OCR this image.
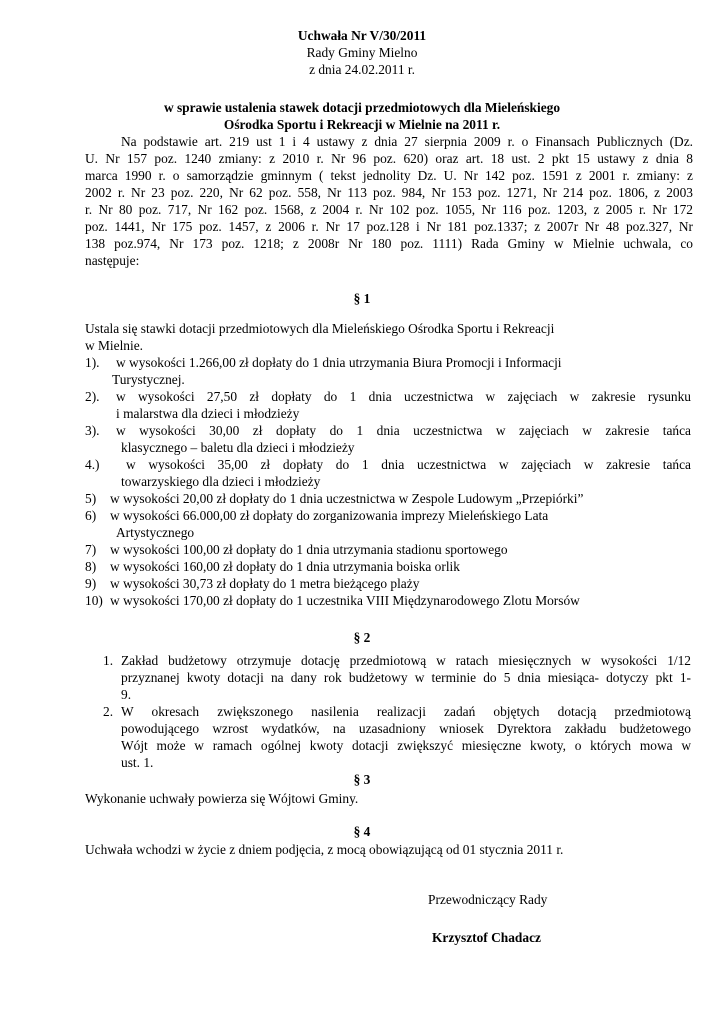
Uchwała Nr V/30/2011
Rady Gminy Mielno
z dnia 24.02.2011 r.
w sprawie ustalenia stawek dotacji przedmiotowych dla Mieleńskiego
Ośrodka Sportu i Rekreacji w Mielnie na 2011 r.
Na podstawie art. 219 ust 1 i 4 ustawy z dnia 27 sierpnia 2009 r. o Finansach Publicznych (Dz.
U. Nr 157 poz. 1240 zmiany: z 2010 r. Nr 96 poz. 620) oraz art. 18 ust. 2 pkt 15 ustawy z dnia 8
marca 1990 r. o samorządzie gminnym ( tekst jednolity Dz. U. Nr 142 poz. 1591 z 2001 r. zmiany: z
2002 r. Nr 23 poz. 220, Nr 62 poz. 558, Nr 113 poz. 984, Nr 153 poz. 1271, Nr 214 poz. 1806, z 2003
r. Nr 80 poz. 717, Nr 162 poz. 1568, z 2004 r. Nr 102 poz. 1055, Nr 116 poz. 1203, z 2005 r. Nr 172
poz. 1441, Nr 175 poz. 1457, z 2006 r. Nr 17 poz.128 i Nr 181 poz.1337; z 2007r Nr 48 poz.327, Nr
138 poz.974, Nr 173 poz. 1218; z 2008r Nr 180 poz. 1111) Rada Gminy w Mielnie uchwala, co
następuje:
§ 1
Ustala się stawki dotacji przedmiotowych dla Mieleńskiego Ośrodka Sportu i Rekreacji
w Mielnie.
1). w wysokości 1.266,00 zł dopłaty do 1 dnia utrzymania Biura Promocji i Informacji
Turystycznej.
2). w wysokości 27,50 zł dopłaty do 1 dnia uczestnictwa w zajęciach w zakresie rysunku
i malarstwa dla dzieci i młodzieży
3). w wysokości 30,00 zł dopłaty do 1 dnia uczestnictwa w zajęciach w zakresie tańca
klasycznego – baletu dla dzieci i młodzieży
4.) w wysokości 35,00 zł dopłaty do 1 dnia uczestnictwa w zajęciach w zakresie tańca
towarzyskiego dla dzieci i młodzieży
5) w wysokości 20,00 zł dopłaty do 1 dnia uczestnictwa w Zespole Ludowym „Przepiórki”
6) w wysokości 66.000,00 zł dopłaty do zorganizowania imprezy Mieleńskiego Lata
Artystycznego
7) w wysokości 100,00 zł dopłaty do 1 dnia utrzymania stadionu sportowego
8) w wysokości 160,00 zł dopłaty do 1 dnia utrzymania boiska orlik
9) w wysokości 30,73 zł dopłaty do 1 metra bieżącego plaży
10) w wysokości 170,00 zł dopłaty do 1 uczestnika VIII Międzynarodowego Zlotu Morsów
§ 2
1. Zakład budżetowy otrzymuje dotację przedmiotową w ratach miesięcznych w wysokości 1/12
przyznanej kwoty dotacji na dany rok budżetowy w terminie do 5 dnia miesiąca- dotyczy pkt 1-
9.
2. W okresach zwiększonego nasilenia realizacji zadań objętych dotacją przedmiotową
powodującego wzrost wydatków, na uzasadniony wniosek Dyrektora zakładu budżetowego
Wójt może w ramach ogólnej kwoty dotacji zwiększyć miesięczne kwoty, o których mowa w
ust. 1.
§ 3
Wykonanie uchwały powierza się Wójtowi Gminy.
§ 4
Uchwała wchodzi w życie z dniem podjęcia, z mocą obowiązującą od 01 stycznia 2011 r.
Przewodniczący Rady
Krzysztof Chadacz
